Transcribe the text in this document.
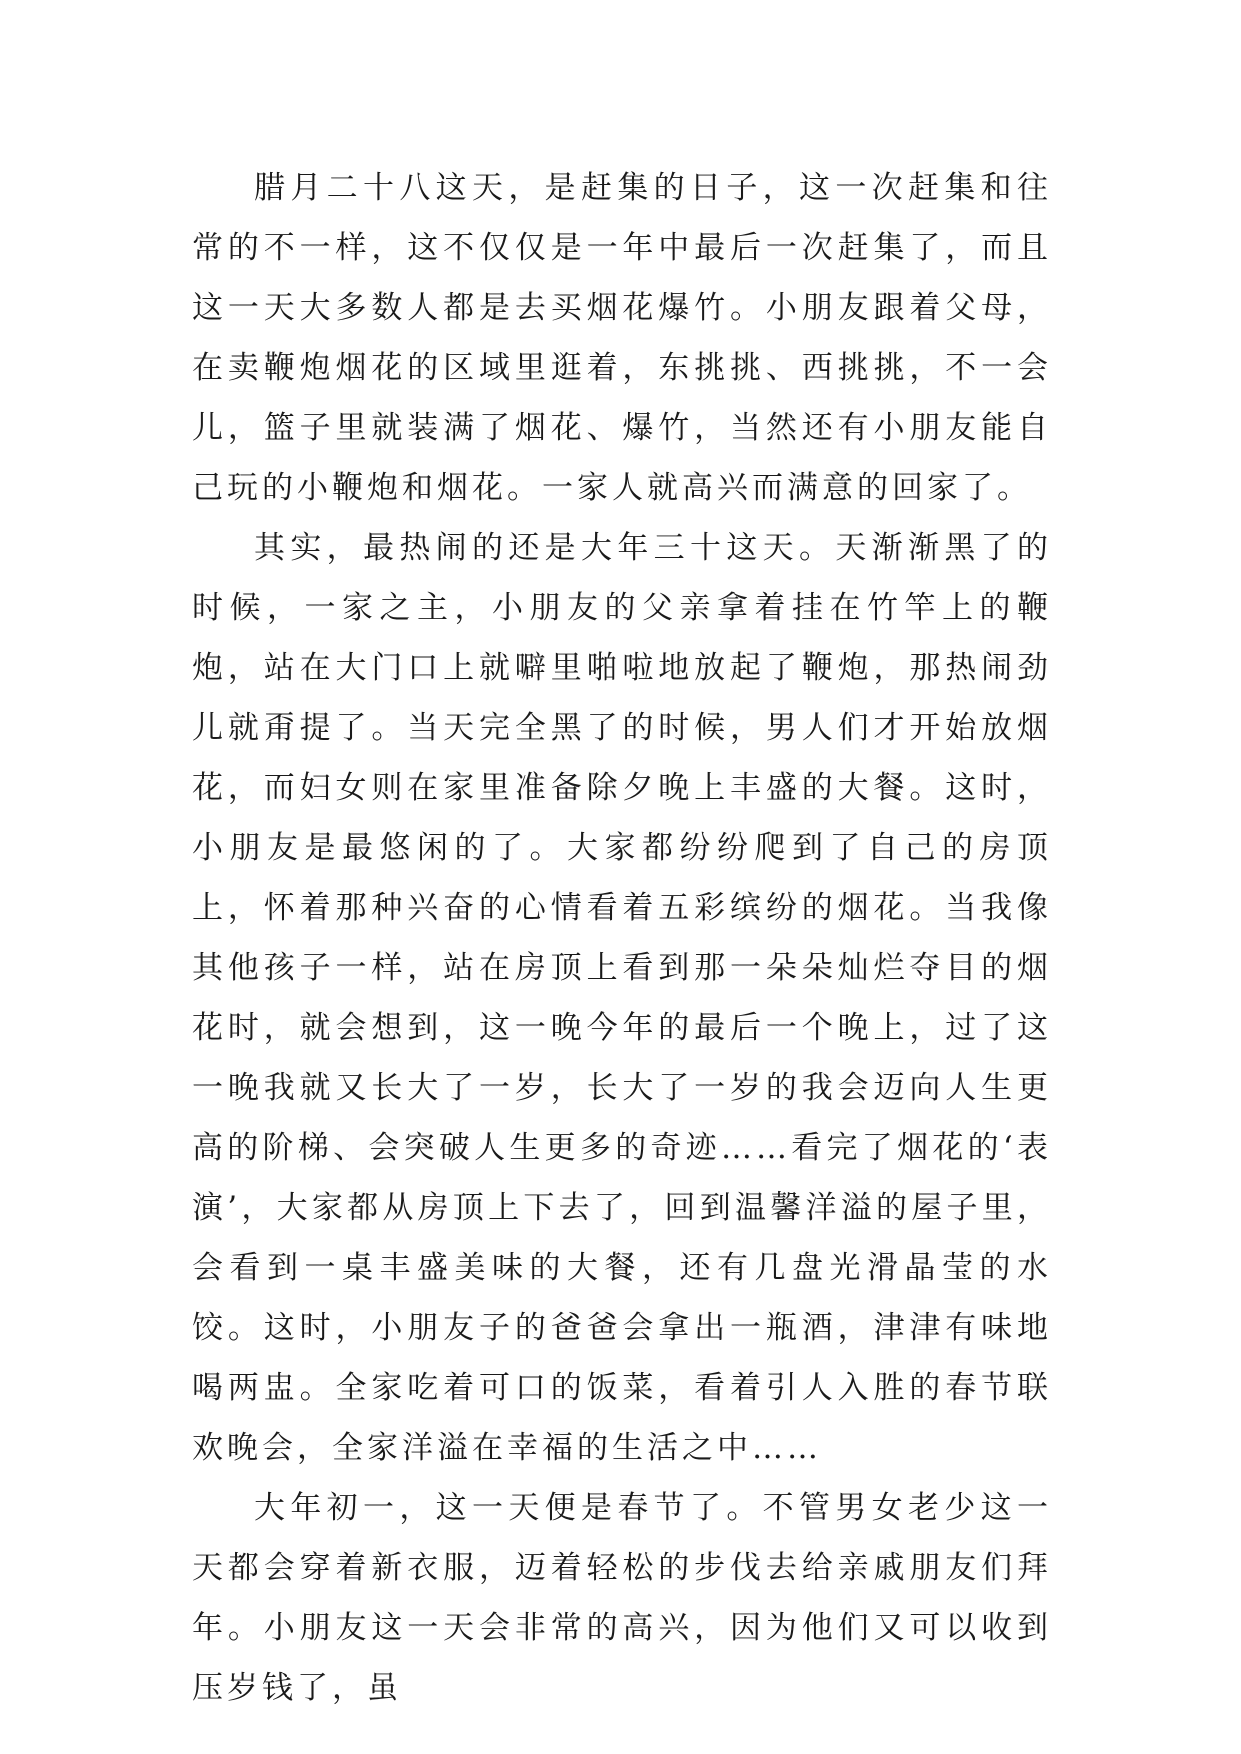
腊月二十八这天，是赶集的日子，这一次赶集和往常的不一样，这不仅仅是一年中最后一次赶集了，而且这一天大多数人都是去买烟花爆竹。小朋友跟着父母，在卖鞭炮烟花的区域里逛着，东挑挑、西挑挑，不一会儿，篮子里就装满了烟花、爆竹，当然还有小朋友能自己玩的小鞭炮和烟花。一家人就高兴而满意的回家了。

其实，最热闹的还是大年三十这天。天渐渐黑了的时候，一家之主，小朋友的父亲拿着挂在竹竿上的鞭炮，站在大门口上就噼里啪啦地放起了鞭炮，那热闹劲儿就甭提了。当天完全黑了的时候，男人们才开始放烟花，而妇女则在家里准备除夕晚上丰盛的大餐。这时，小朋友是最悠闲的了。大家都纷纷爬到了自己的房顶上，怀着那种兴奋的心情看着五彩缤纷的烟花。当我像其他孩子一样，站在房顶上看到那一朵朵灿烂夺目的烟花时，就会想到，这一晚今年的最后一个晚上，过了这一晚我就又长大了一岁，长大了一岁的我会迈向人生更高的阶梯、会突破人生更多的奇迹……看完了烟花的‘表演’，大家都从房顶上下去了，回到温馨洋溢的屋子里，会看到一桌丰盛美味的大餐，还有几盘光滑晶莹的水饺。这时，小朋友子的爸爸会拿出一瓶酒，津津有味地喝两盅。全家吃着可口的饭菜，看着引人入胜的春节联欢晚会，全家洋溢在幸福的生活之中……

大年初一，这一天便是春节了。不管男女老少这一天都会穿着新衣服，迈着轻松的步伐去给亲戚朋友们拜年。小朋友这一天会非常的高兴，因为他们又可以收到压岁钱了，虽
